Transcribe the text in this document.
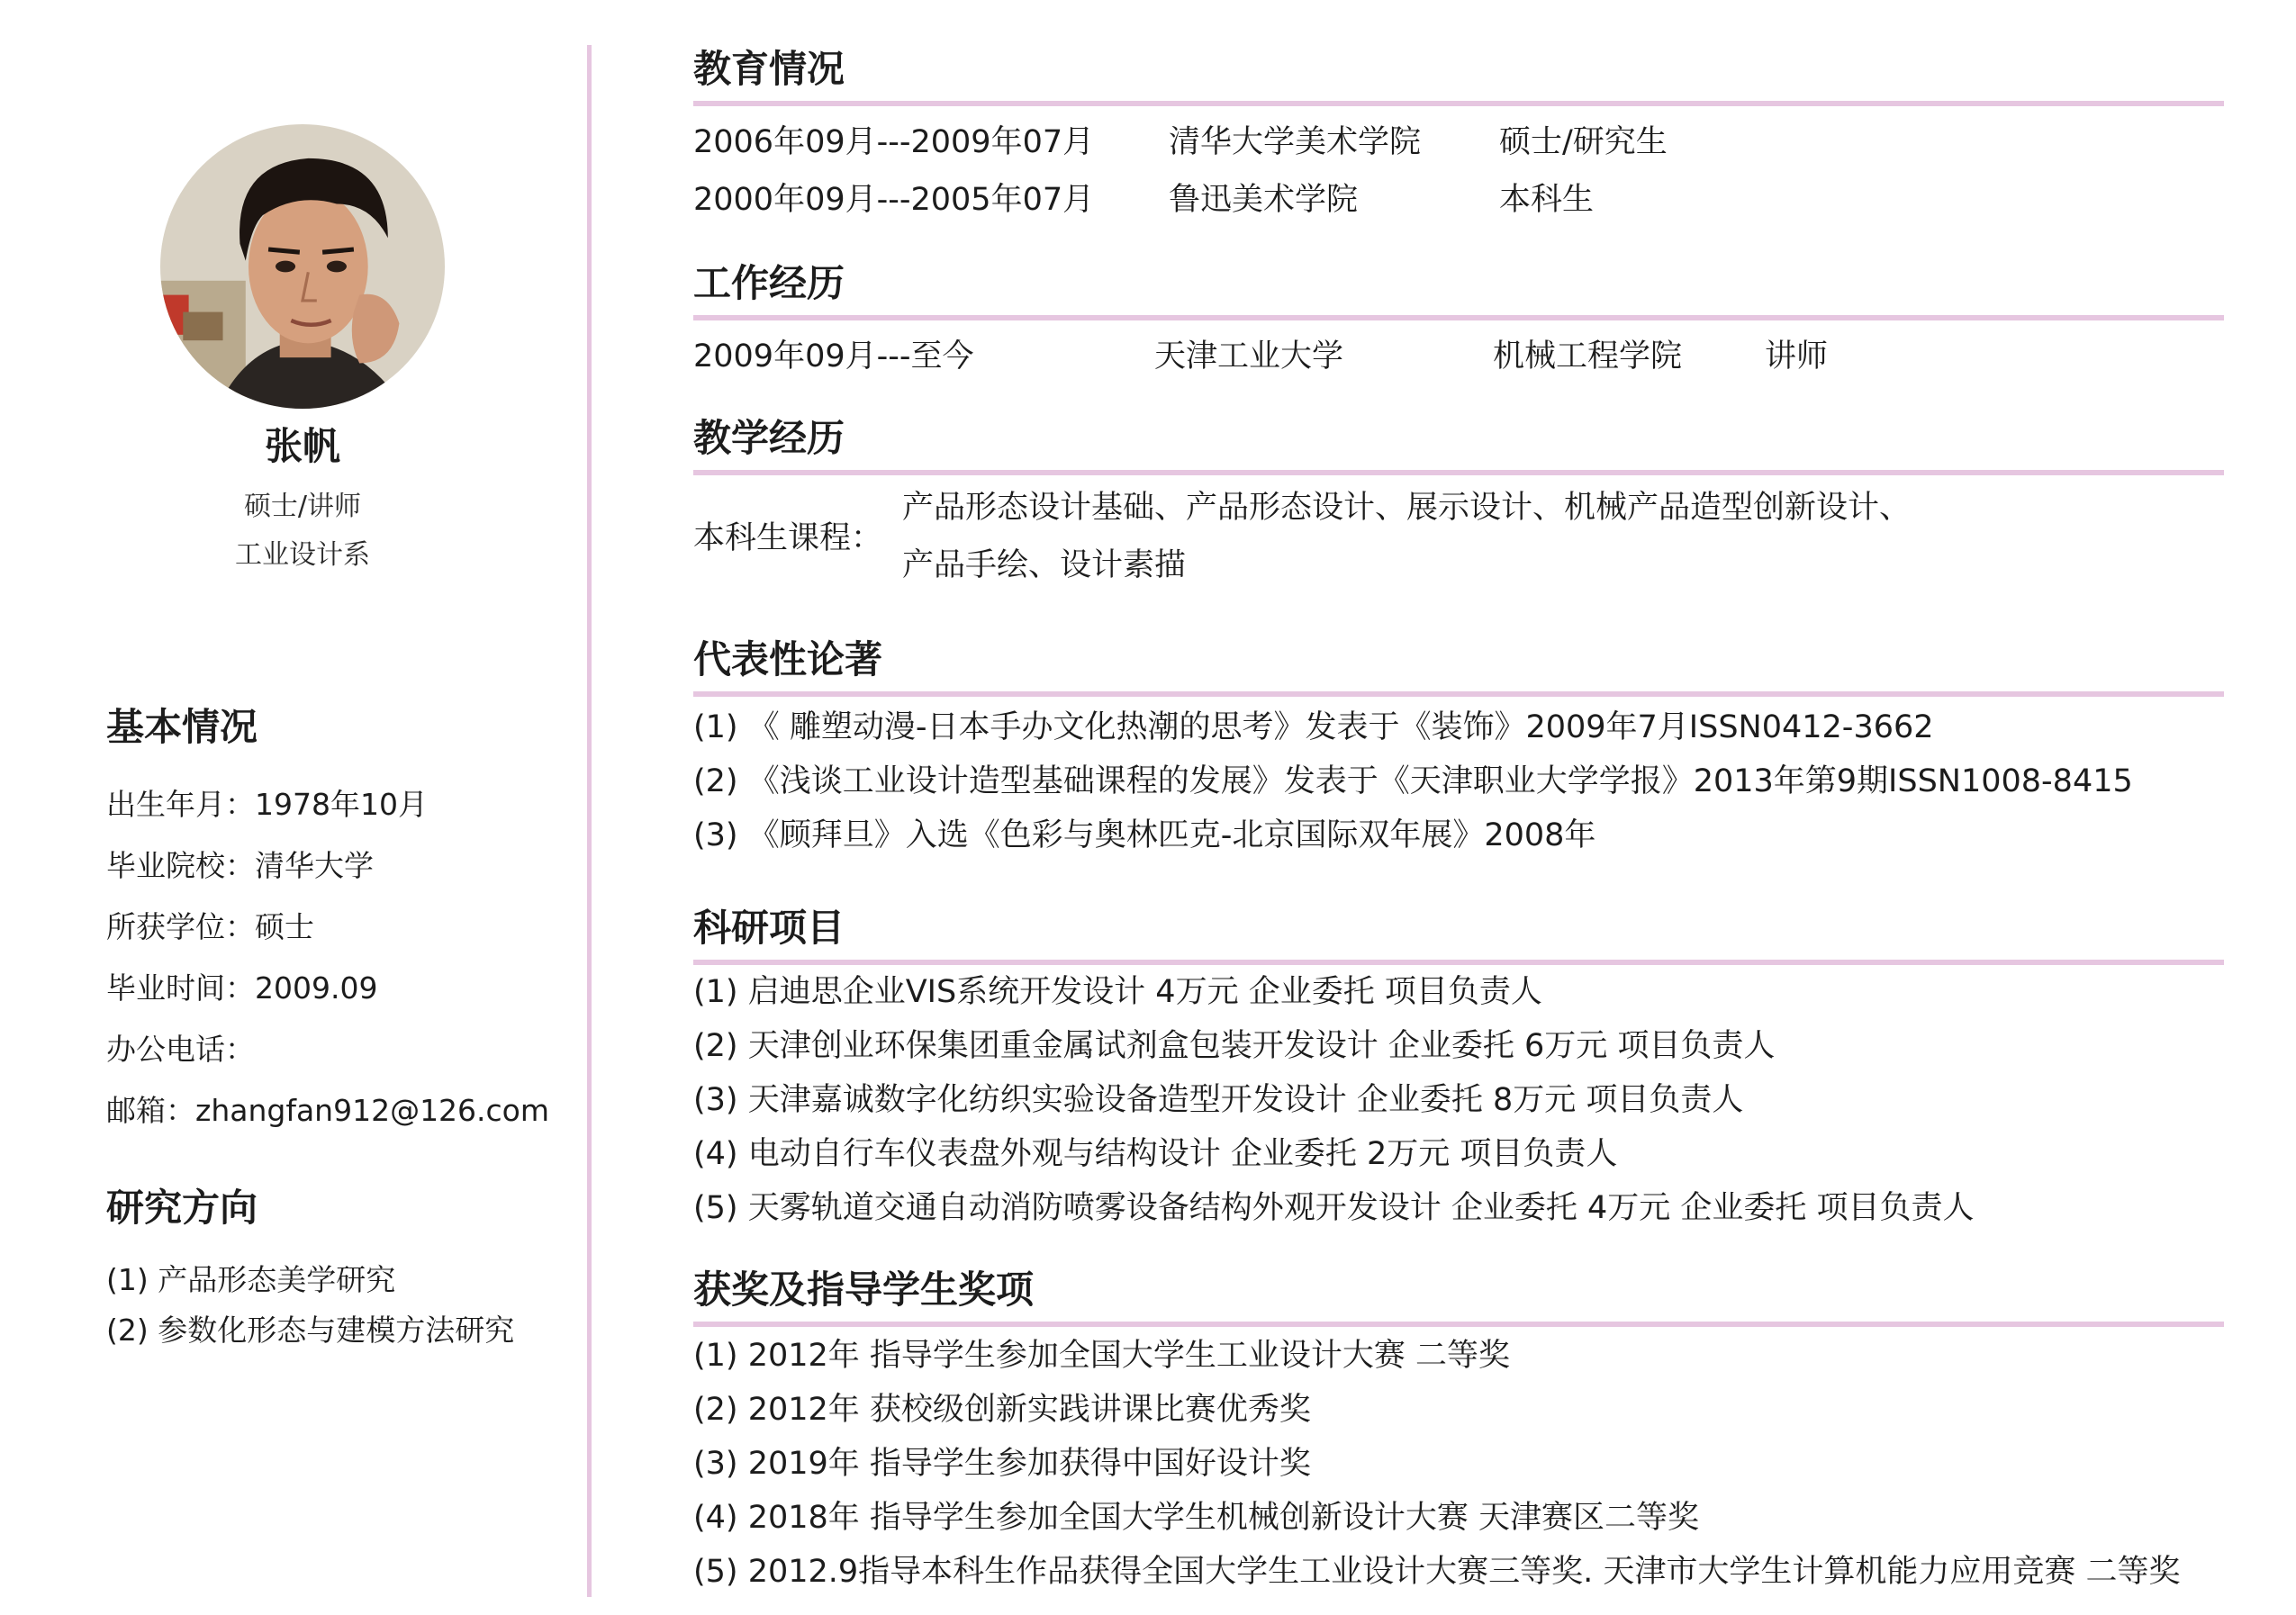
张帆
硕士/讲师
工业设计系
基本情况
出生年月：1978年10月
毕业院校：清华大学
所获学位：硕士
毕业时间：2009.09
办公电话：
邮箱：zhangfan912@126.com
研究方向
(1) 产品形态美学研究
(2) 参数化形态与建模方法研究
教育情况
2006年09月---2009年07月 清华大学美术学院 硕士/研究生
2000年09月---2005年07月 鲁迅美术学院	本科生
工作经历
2009年09月---至今	天津工业大学	机械工程学院	讲师
教学经历
本科生课程：
产品形态设计基础、产品形态设计、展示设计、机械产品造型创新设计、
产品手绘、设计素描
代表性论著
(1) 《 雕塑动漫-日本手办文化热潮的思考》发表于《装饰》2009年7月ISSN0412-3662
(2) 《浅谈工业设计造型基础课程的发展》发表于《天津职业大学学报》2013年第9期ISSN1008-8415
(3) 《顾拜旦》入选《色彩与奥林匹克-北京国际双年展》2008年
科研项目
(1) 启迪思企业VIS系统开发设计 4万元 企业委托 项目负责人
(2) 天津创业环保集团重金属试剂盒包装开发设计 企业委托 6万元 项目负责人
(3) 天津嘉诚数字化纺织实验设备造型开发设计 企业委托 8万元 项目负责人
(4) 电动自行车仪表盘外观与结构设计 企业委托 2万元 项目负责人
(5) 天雾轨道交通自动消防喷雾设备结构外观开发设计 企业委托 4万元 企业委托 项目负责人
获奖及指导学生奖项
(1) 2012年 指导学生参加全国大学生工业设计大赛 二等奖
(2) 2012年 获校级创新实践讲课比赛优秀奖
(3) 2019年 指导学生参加获得中国好设计奖
(4) 2018年 指导学生参加全国大学生机械创新设计大赛 天津赛区二等奖
(5) 2012.9指导本科生作品获得全国大学生工业设计大赛三等奖. 天津市大学生计算机能力应用竞赛 二等奖
